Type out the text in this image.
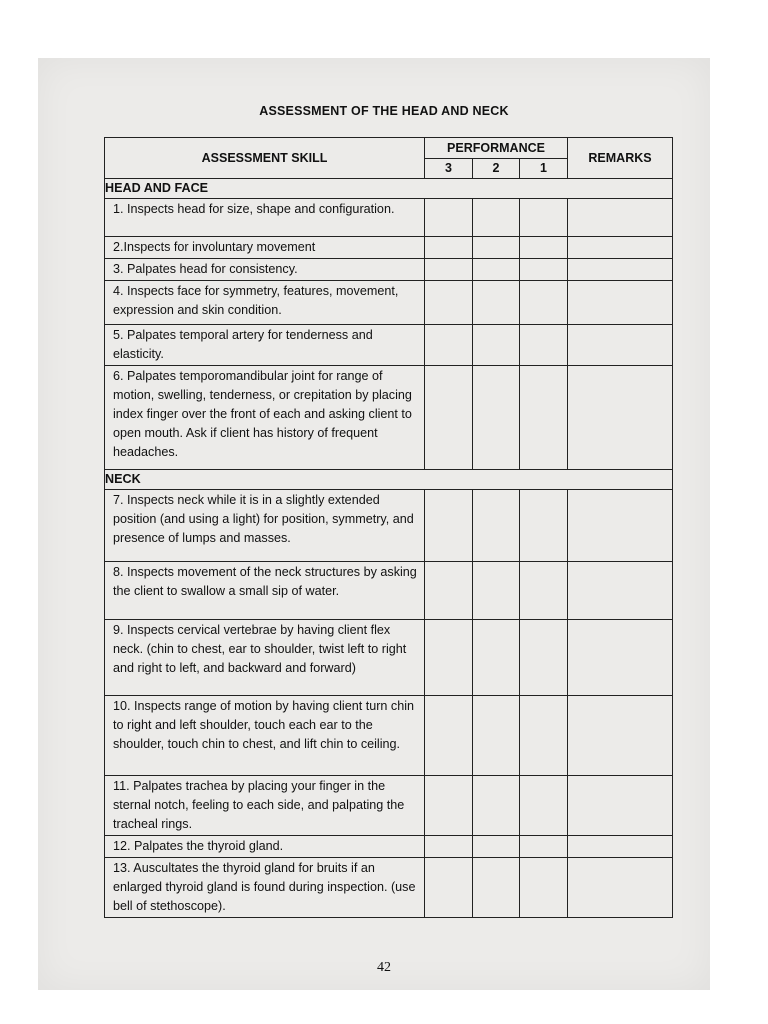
ASSESSMENT OF THE HEAD AND NECK
ASSESSMENT SKILL	PERFORMANCE			REMARKS
	3	2	1	
HEAD AND FACE				
1. Inspects head for size, shape and configuration.				
2.Inspects for involuntary movement				
3. Palpates head for consistency.				
4. Inspects face for symmetry, features, movement, expression and skin condition.				
5. Palpates temporal artery for tenderness and elasticity.				
6. Palpates temporomandibular joint for range of motion, swelling, tenderness, or crepitation by placing index finger over the front of each and asking client to open mouth. Ask if client has history of frequent headaches.				
NECK				
7. Inspects neck while it is in a slightly extended position (and using a light) for position, symmetry, and presence of lumps and masses.				
8. Inspects movement of the neck structures by asking the client to swallow a small sip of water.				
9. Inspects cervical vertebrae by having client flex neck. (chin to chest, ear to shoulder, twist left to right and right to left, and backward and forward)				
10. Inspects range of motion by having client turn chin to right and left shoulder, touch each ear to the shoulder, touch chin to chest, and lift chin to ceiling.				
11. Palpates trachea by placing your finger in the sternal notch, feeling to each side, and palpating the tracheal rings.				
12. Palpates the thyroid gland.				
13. Auscultates the thyroid gland for bruits if an enlarged thyroid gland is found during inspection. (use bell of stethoscope).				
42
